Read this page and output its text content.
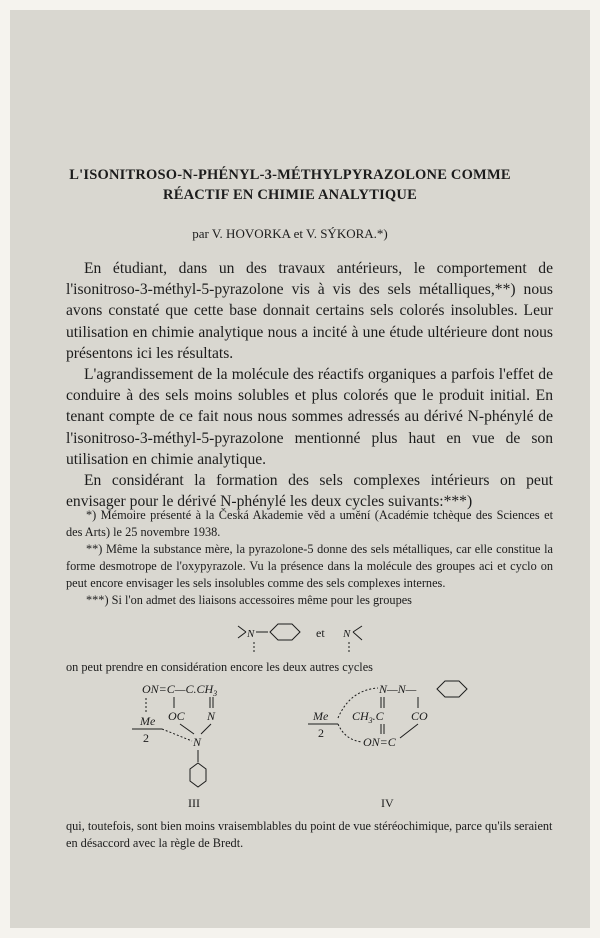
L'ISONITROSO-N-PHÉNYL-3-MÉTHYLPYRAZOLONE COMME
RÉACTIF EN CHIMIE ANALYTIQUE
par V. HOVORKA et V. SÝKORA.*)

En étudiant, dans un des travaux antérieurs, le comportement de l'isonitroso-3-méthyl-5-pyrazolone vis à vis des sels métalliques,**) nous avons constaté que cette base donnait certains sels colorés insolubles. Leur utilisation en chimie analytique nous a incité à une étude ultérieure dont nous présentons ici les résultats.

L'agrandissement de la molécule des réactifs organiques a parfois l'effet de conduire à des sels moins solubles et plus colorés que le produit initial. En tenant compte de ce fait nous nous sommes adressés au dérivé N-phénylé de l'isonitroso-3-méthyl-5-pyrazolone mentionné plus haut en vue de son utilisation en chimie analytique.

En considérant la formation des sels complexes intérieurs on peut envisager pour le dérivé N-phénylé les deux cycles suivants:***)

*) Mémoire présenté à la Česká Akademie věd a umění (Académie tchèque des Sciences et des Arts) le 25 novembre 1938.

**) Même la substance mère, la pyrazolone-5 donne des sels métalliques, car elle constitue la forme desmotrope de l'oxypyrazole. Vu la présence dans la molécule des groupes aci et cyclo on peut encore envisager les sels insolubles comme des sels complexes internes.

***) Si l'on admet des liaisons accessoires même pour les groupes

N	et N
$ON=C—C.CH_3$
OC N
N
Me
2
III
N—N—
Me
2
$CH_3.C$ CO
ON=C
IV
on peut prendre en considération encore les deux autres cycles
qui, toutefois, sont bien moins vraisemblables du point de vue stéréochimique, parce qu'ils seraient en désaccord avec la règle de Bredt.
